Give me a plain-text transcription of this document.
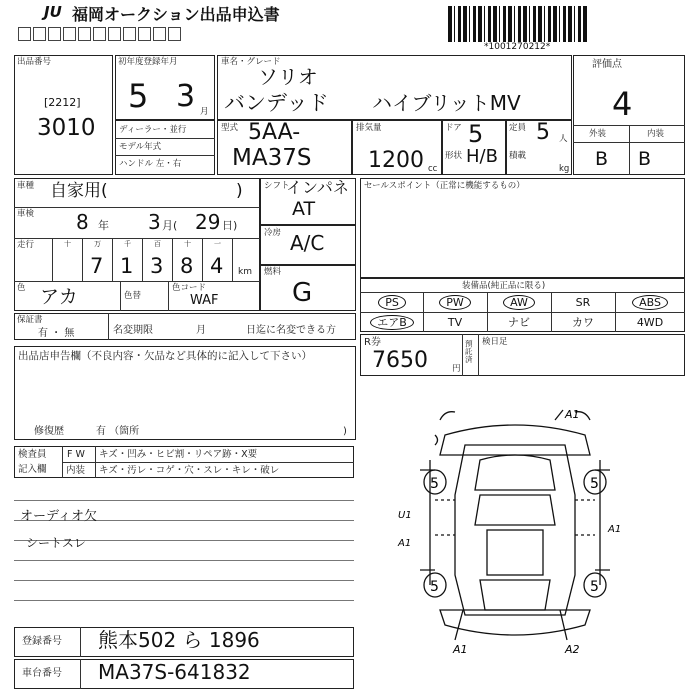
JU 福岡オークション出品申込書
*1001270212*
出品番号
[2212]
3010
初年度登録年月
5 3 月
車名・グレード
ソリオ
バンデッド ハイブリットMV
評価点
4
外装	内装
B B
ディーラー・並行
モデル年式
ハンドル 左・右
型式 5AA-
MA37S
排気量
1200 cc
ドア 5
形状 H/B
定員 5 人
積載
kg
車種 自家用(	)
車検 8 年 3 月( 29 日)
走行	十	万	千	百	十	一
7 1 3 8 4 km
色 アカ	色替
色コード
WAF
シフト
インパネ
AT
冷房 A/C
燃料
G
セールスポイント（正常に機能するもの）
装備品(純正品に限る)
PS	PW	AW	SR	ABS
エアB	TV	ナビ	カワ	4WD
保証書
有 ・ 無	名変期限	月	日迄に名変できる方
R券
7650	円
預託済
検日足
出品店申告欄（不良内容・欠品など具体的に記入して下さい）
修復歴	有 （箇所	)
検査員
記入欄
F W
内装
キズ・凹み・ヒビ割・リペア跡・X要
キズ・汚レ・コゲ・穴・スレ・キレ・破レ
オーディオ欠
シートスレ
5	5
5	5
A1
U1
A1
A1
A1	A2
登録番号 熊本502 ら 1896
車台番号 MA37S-641832
